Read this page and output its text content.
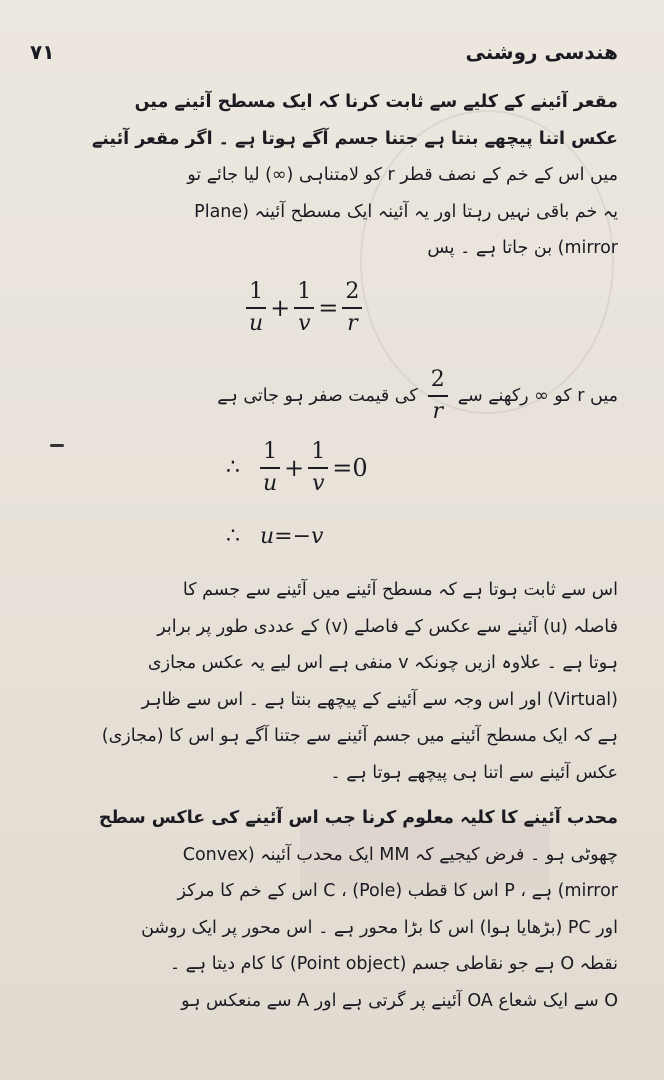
هندسی روشنی
۷۱
مقعر آئینے کے کلیے سے ثابت کرنا کہ ایک مسطح آئینے میں
عکس اتنا پیچھے بنتا ہے جتنا جسم آگے ہوتا ہے ۔ اگر مقعر آئینے
میں اس کے خم کے نصف قطر r کو لامتناہی (∞) لیا جائے تو
یہ خم باقی نہیں رہتا اور یہ آئینہ ایک مسطح آئینہ (Plane
mirror) بن جاتا ہے ۔ پس
$\frac{1}{u} + \frac{1}{v} = \frac{2}{r}$
میں r کو ∞ رکھنے سے
$\frac{2}{r}$
کی قیمت صفر ہو جاتی ہے
∴ $\frac{1}{u} + \frac{1}{v} =0$
∴ u=−v
اس سے ثابت ہوتا ہے کہ مسطح آئینے میں آئینے سے جسم کا
فاصلہ (u) آئینے سے عکس کے فاصلے (v) کے عددی طور پر برابر
ہوتا ہے ۔ علاوہ ازیں چونکہ v منفی ہے اس لیے یہ عکس مجازی
(Virtual) اور اس وجہ سے آئینے کے پیچھے بنتا ہے ۔ اس سے ظاہر
ہے کہ ایک مسطح آئینے میں جسم آئینے سے جتنا آگے ہو اس کا (مجازی)
عکس آئینے سے اتنا ہی پیچھے ہوتا ہے ۔
محدب آئینے کا کلیہ معلوم کرنا جب اس آئینے کی عاکس سطح
چھوٹی ہو ۔ فرض کیجیے کہ MM ایک محدب آئینہ (Convex
mirror) ہے ، P اس کا قطب (Pole) ، C اس کے خم کا مرکز
اور PC (بڑھایا ہوا) اس کا بڑا محور ہے ۔ اس محور پر ایک روشن
نقطہ O ہے جو نقاطی جسم (Point object) کا کام دیتا ہے ۔
O سے ایک شعاع OA آئینے پر گرتی ہے اور A سے منعکس ہو
